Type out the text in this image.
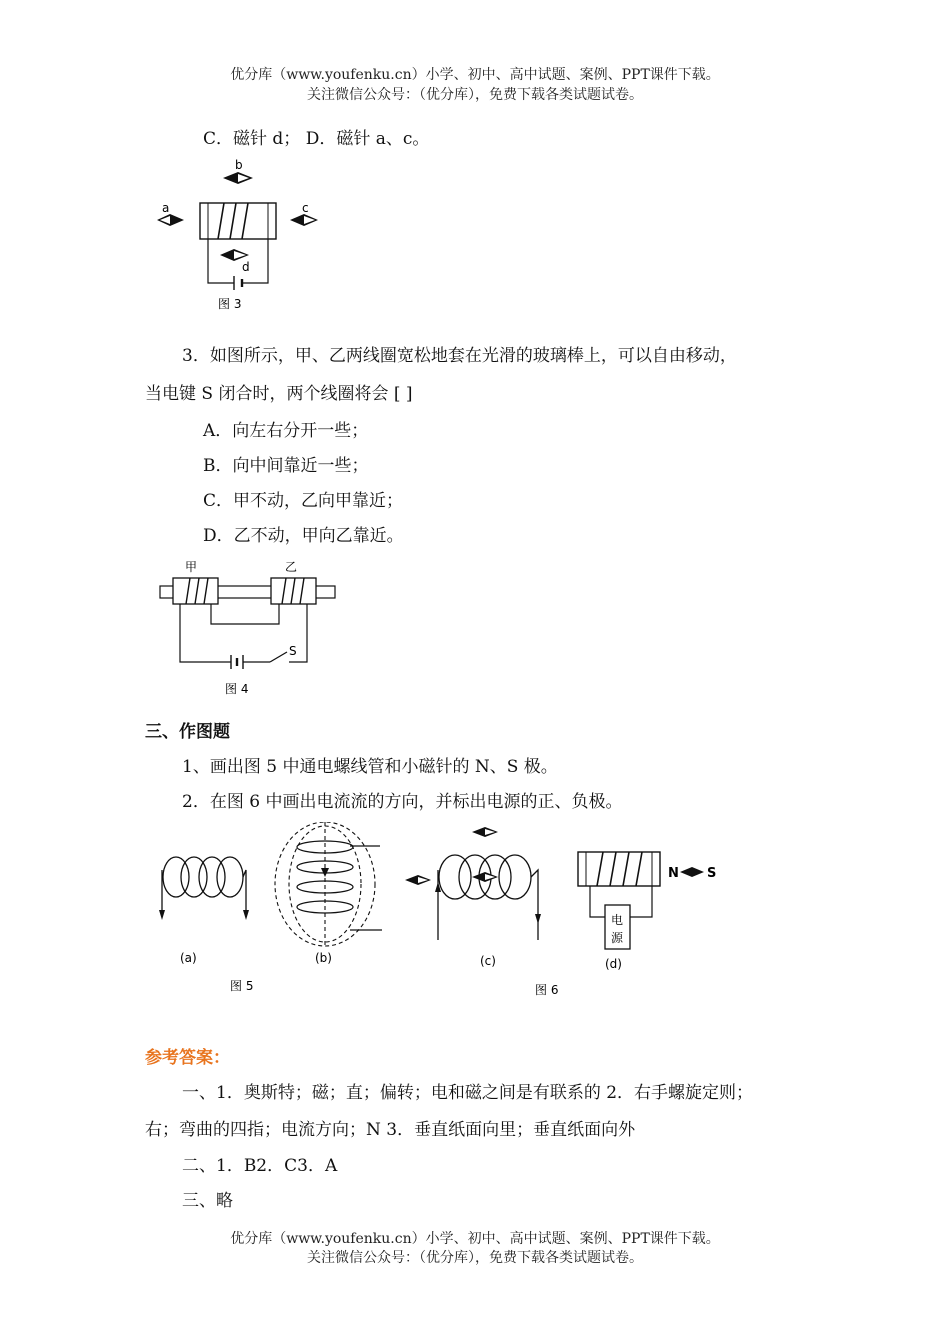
优分库（www.youfenku.cn）小学、初中、高中试题、案例、PPT课件下载。
关注微信公众号：（优分库），免费下载各类试题试卷。
C．磁针 d； D．磁针 a、c。
b
a	c
d
图 3
3．如图所示，甲、乙两线圈宽松地套在光滑的玻璃棒上，可以自由移动，
当电键 S 闭合时，两个线圈将会 [ ]
A．向左右分开一些；
B．向中间靠近一些；
C．甲不动，乙向甲靠近；
D．乙不动，甲向乙靠近。
甲	乙
S
图 4
三、作图题
1、画出图 5 中通电螺线管和小磁针的 N、S 极。
2．在图 6 中画出电流流的方向，并标出电源的正、负极。
(a)	(b)
图 5
(c)
电
源
N S
(d)
图 6
参考答案：
一、1．奥斯特；磁；直；偏转；电和磁之间是有联系的 2．右手螺旋定则；
右；弯曲的四指；电流方向；N 3．垂直纸面向里；垂直纸面向外
二、1．B2．C3．A
三、略
优分库（www.youfenku.cn）小学、初中、高中试题、案例、PPT课件下载。
关注微信公众号：（优分库），免费下载各类试题试卷。
